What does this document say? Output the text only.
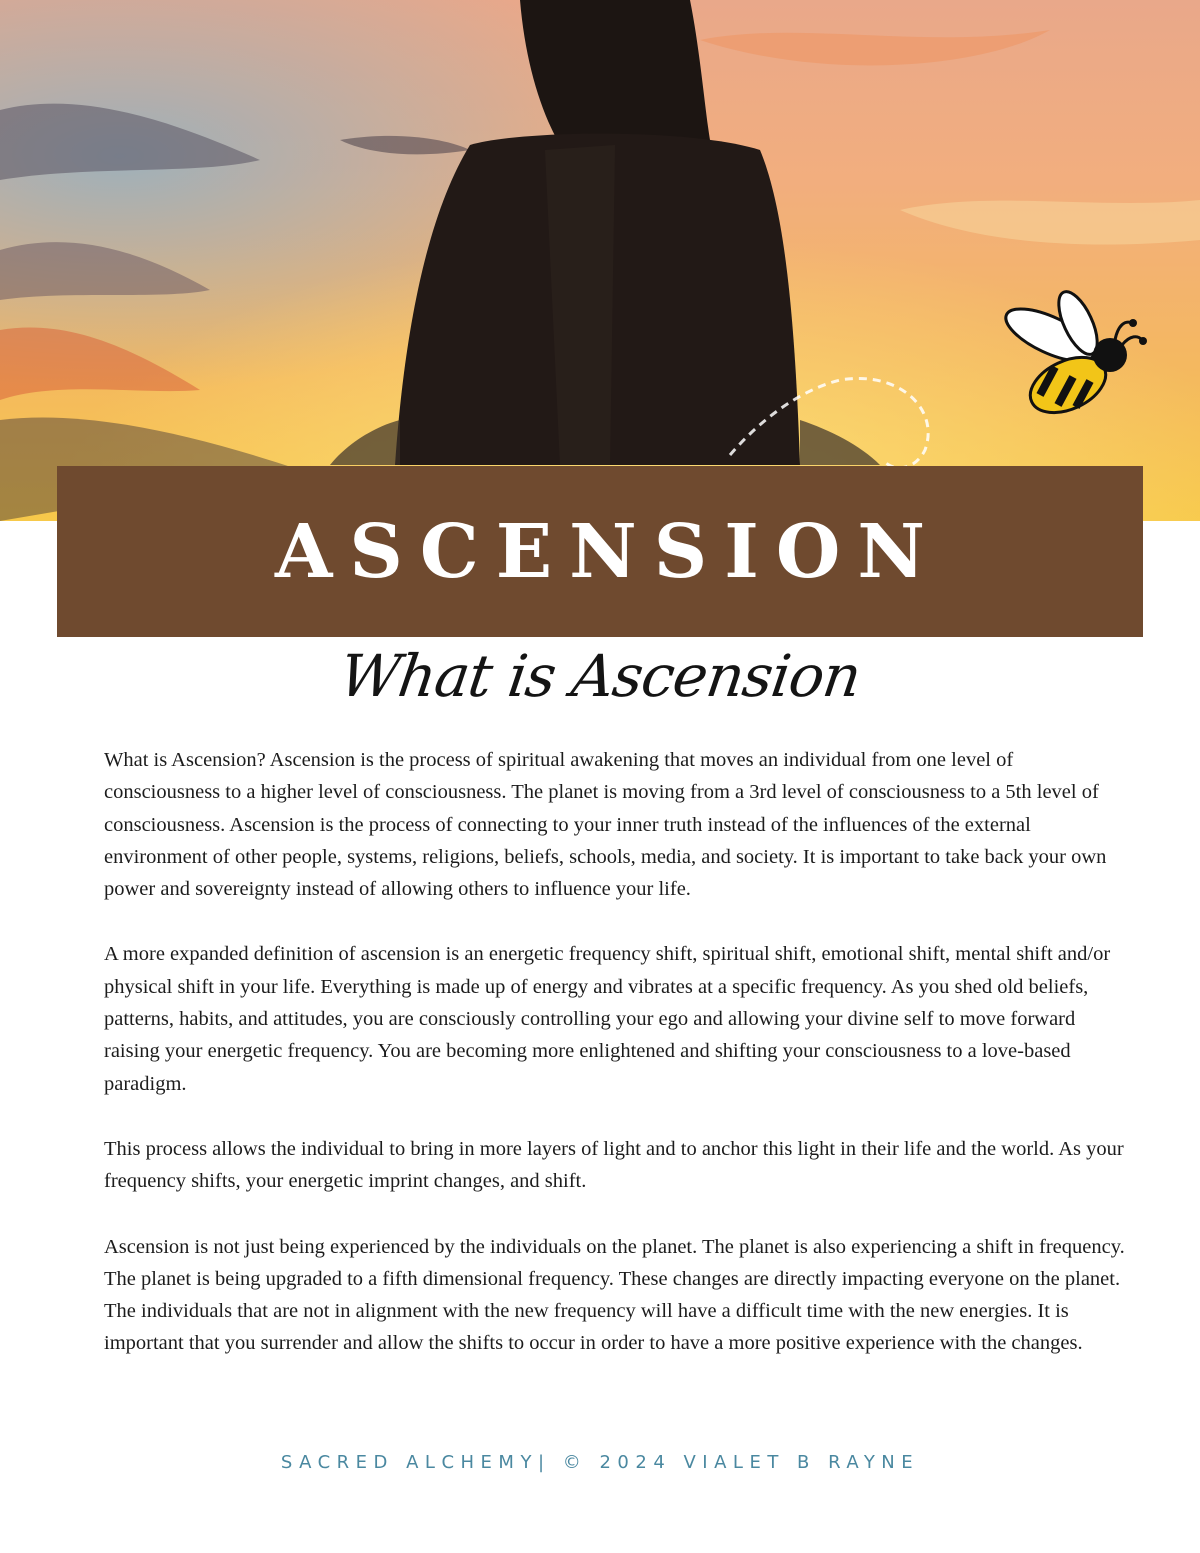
ASCENSION
What is Ascension

What is Ascension? Ascension is the process of spiritual awakening that moves an individual from one level of consciousness to a higher level of consciousness. The planet is moving from a 3rd level of consciousness to a 5th level of consciousness. Ascension is the process of connecting to your inner truth instead of the influences of the external environment of other people, systems, religions, beliefs, schools, media, and society. It is important to take back your own power and sovereignty instead of allowing others to influence your life.

A more expanded definition of ascension is an energetic frequency shift, spiritual shift, emotional shift, mental shift and/or physical shift in your life. Everything is made up of energy and vibrates at a specific frequency. As you shed old beliefs, patterns, habits, and attitudes, you are consciously controlling your ego and allowing your divine self to move forward raising your energetic frequency. You are becoming more enlightened and shifting your consciousness to a love-based paradigm.

This process allows the individual to bring in more layers of light and to anchor this light in their life and the world. As your frequency shifts, your energetic imprint changes, and shift.

Ascension is not just being experienced by the individuals on the planet. The planet is also experiencing a shift in frequency. The planet is being upgraded to a fifth dimensional frequency. These changes are directly impacting everyone on the planet. The individuals that are not in alignment with the new frequency will have a difficult time with the new energies. It is important that you surrender and allow the shifts to occur in order to have a more positive experience with the changes.

SACRED ALCHEMY| © 2024 VIALET B RAYNE
